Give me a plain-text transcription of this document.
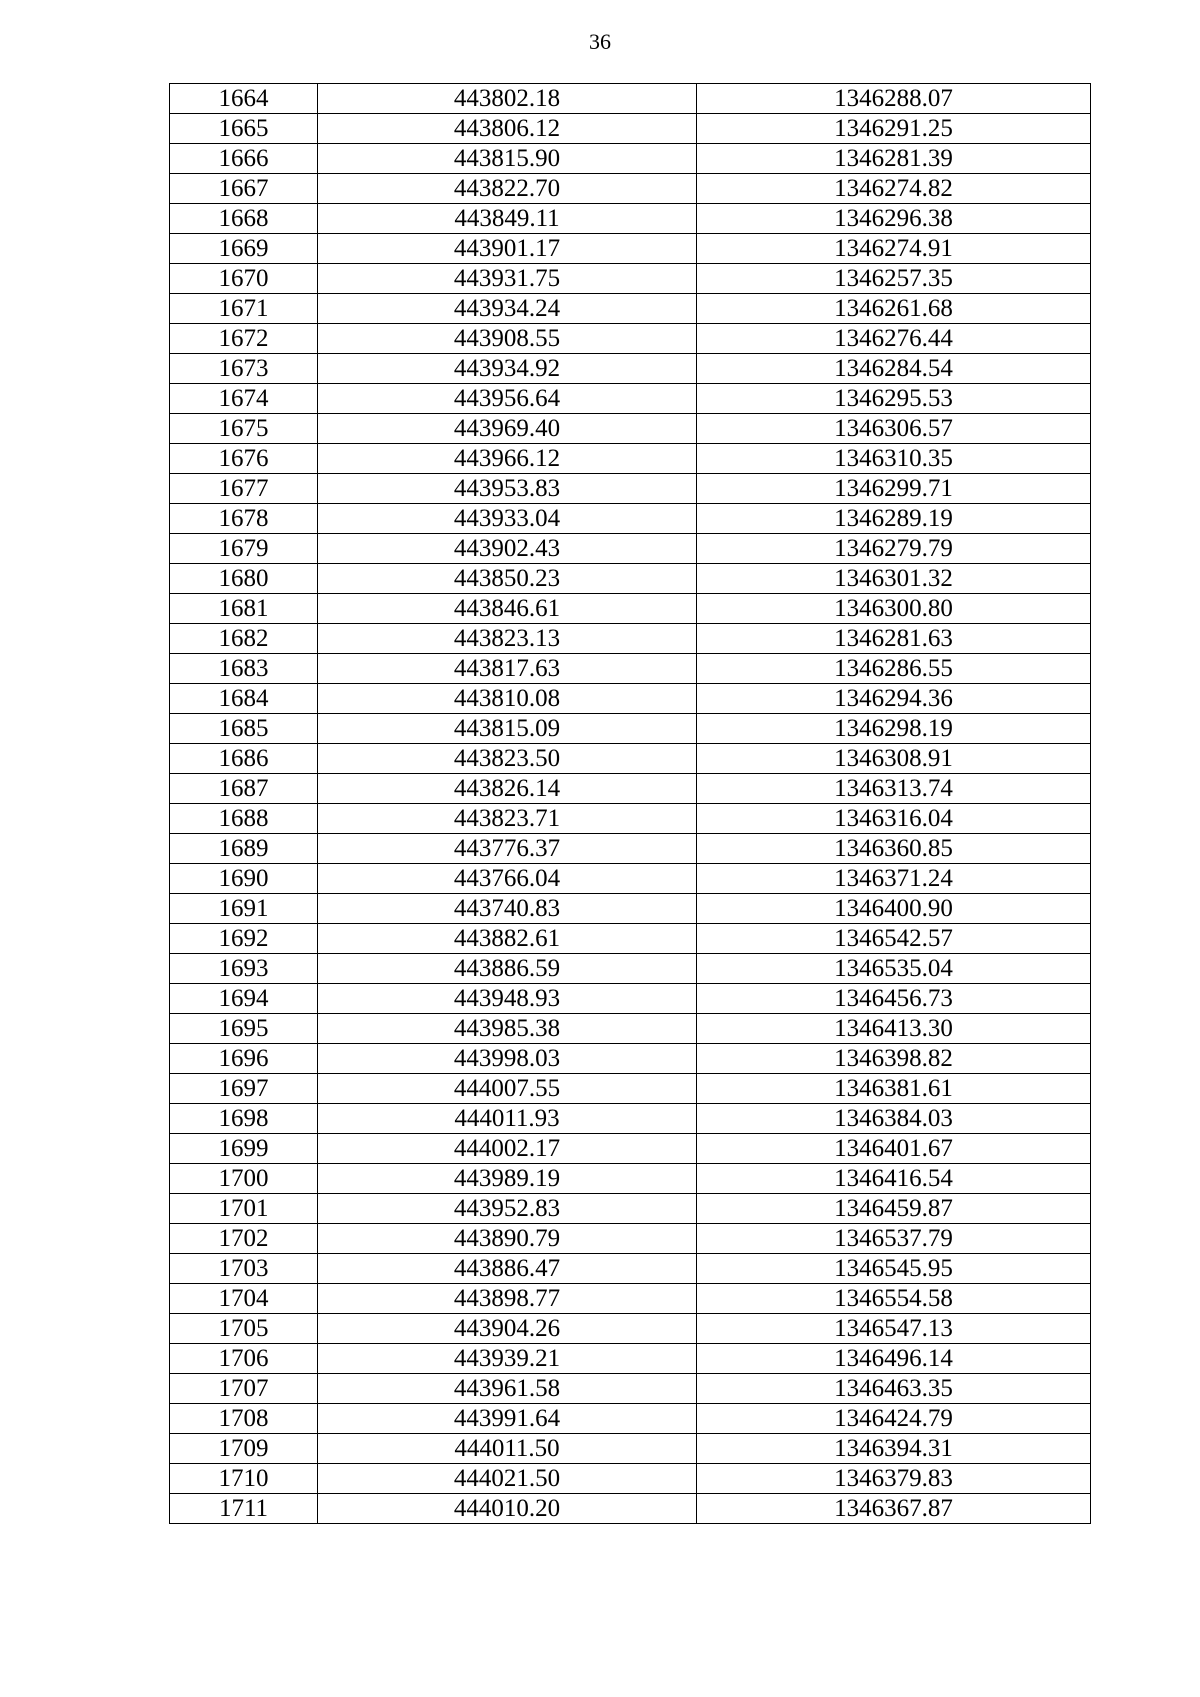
36
1664	443802.18	1346288.07
1665	443806.12	1346291.25
1666	443815.90	1346281.39
1667	443822.70	1346274.82
1668	443849.11	1346296.38
1669	443901.17	1346274.91
1670	443931.75	1346257.35
1671	443934.24	1346261.68
1672	443908.55	1346276.44
1673	443934.92	1346284.54
1674	443956.64	1346295.53
1675	443969.40	1346306.57
1676	443966.12	1346310.35
1677	443953.83	1346299.71
1678	443933.04	1346289.19
1679	443902.43	1346279.79
1680	443850.23	1346301.32
1681	443846.61	1346300.80
1682	443823.13	1346281.63
1683	443817.63	1346286.55
1684	443810.08	1346294.36
1685	443815.09	1346298.19
1686	443823.50	1346308.91
1687	443826.14	1346313.74
1688	443823.71	1346316.04
1689	443776.37	1346360.85
1690	443766.04	1346371.24
1691	443740.83	1346400.90
1692	443882.61	1346542.57
1693	443886.59	1346535.04
1694	443948.93	1346456.73
1695	443985.38	1346413.30
1696	443998.03	1346398.82
1697	444007.55	1346381.61
1698	444011.93	1346384.03
1699	444002.17	1346401.67
1700	443989.19	1346416.54
1701	443952.83	1346459.87
1702	443890.79	1346537.79
1703	443886.47	1346545.95
1704	443898.77	1346554.58
1705	443904.26	1346547.13
1706	443939.21	1346496.14
1707	443961.58	1346463.35
1708	443991.64	1346424.79
1709	444011.50	1346394.31
1710	444021.50	1346379.83
1711	444010.20	1346367.87
